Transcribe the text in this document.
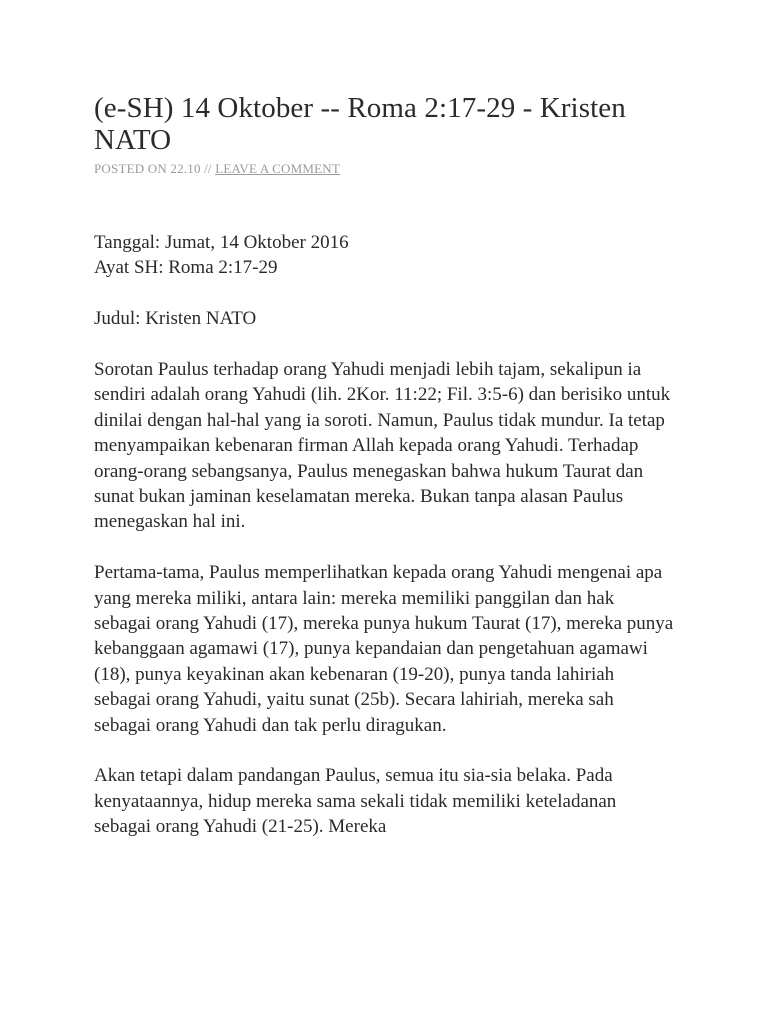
(e-SH) 14 Oktober -- Roma 2:17-29 - Kristen NATO
POSTED ON 22.10 // LEAVE A COMMENT

Tanggal: Jumat, 14 Oktober 2016
Ayat SH: Roma 2:17-29

Judul: Kristen NATO

Sorotan Paulus terhadap orang Yahudi menjadi lebih tajam, sekalipun ia sendiri adalah orang Yahudi (lih. 2Kor. 11:22; Fil. 3:5-6) dan berisiko untuk dinilai dengan hal-hal yang ia soroti. Namun, Paulus tidak mundur. Ia tetap menyampaikan kebenaran firman Allah kepada orang Yahudi. Terhadap orang-orang sebangsanya, Paulus menegaskan bahwa hukum Taurat dan sunat bukan jaminan keselamatan mereka. Bukan tanpa alasan Paulus menegaskan hal ini.

Pertama-tama, Paulus memperlihatkan kepada orang Yahudi mengenai apa yang mereka miliki, antara lain: mereka memiliki panggilan dan hak sebagai orang Yahudi (17), mereka punya hukum Taurat (17), mereka punya kebanggaan agamawi (17), punya kepandaian dan pengetahuan agamawi (18), punya keyakinan akan kebenaran (19-20), punya tanda lahiriah sebagai orang Yahudi, yaitu sunat (25b). Secara lahiriah, mereka sah sebagai orang Yahudi dan tak perlu diragukan.

Akan tetapi dalam pandangan Paulus, semua itu sia-sia belaka. Pada kenyataannya, hidup mereka sama sekali tidak memiliki keteladanan sebagai orang Yahudi (21-25). Mereka
